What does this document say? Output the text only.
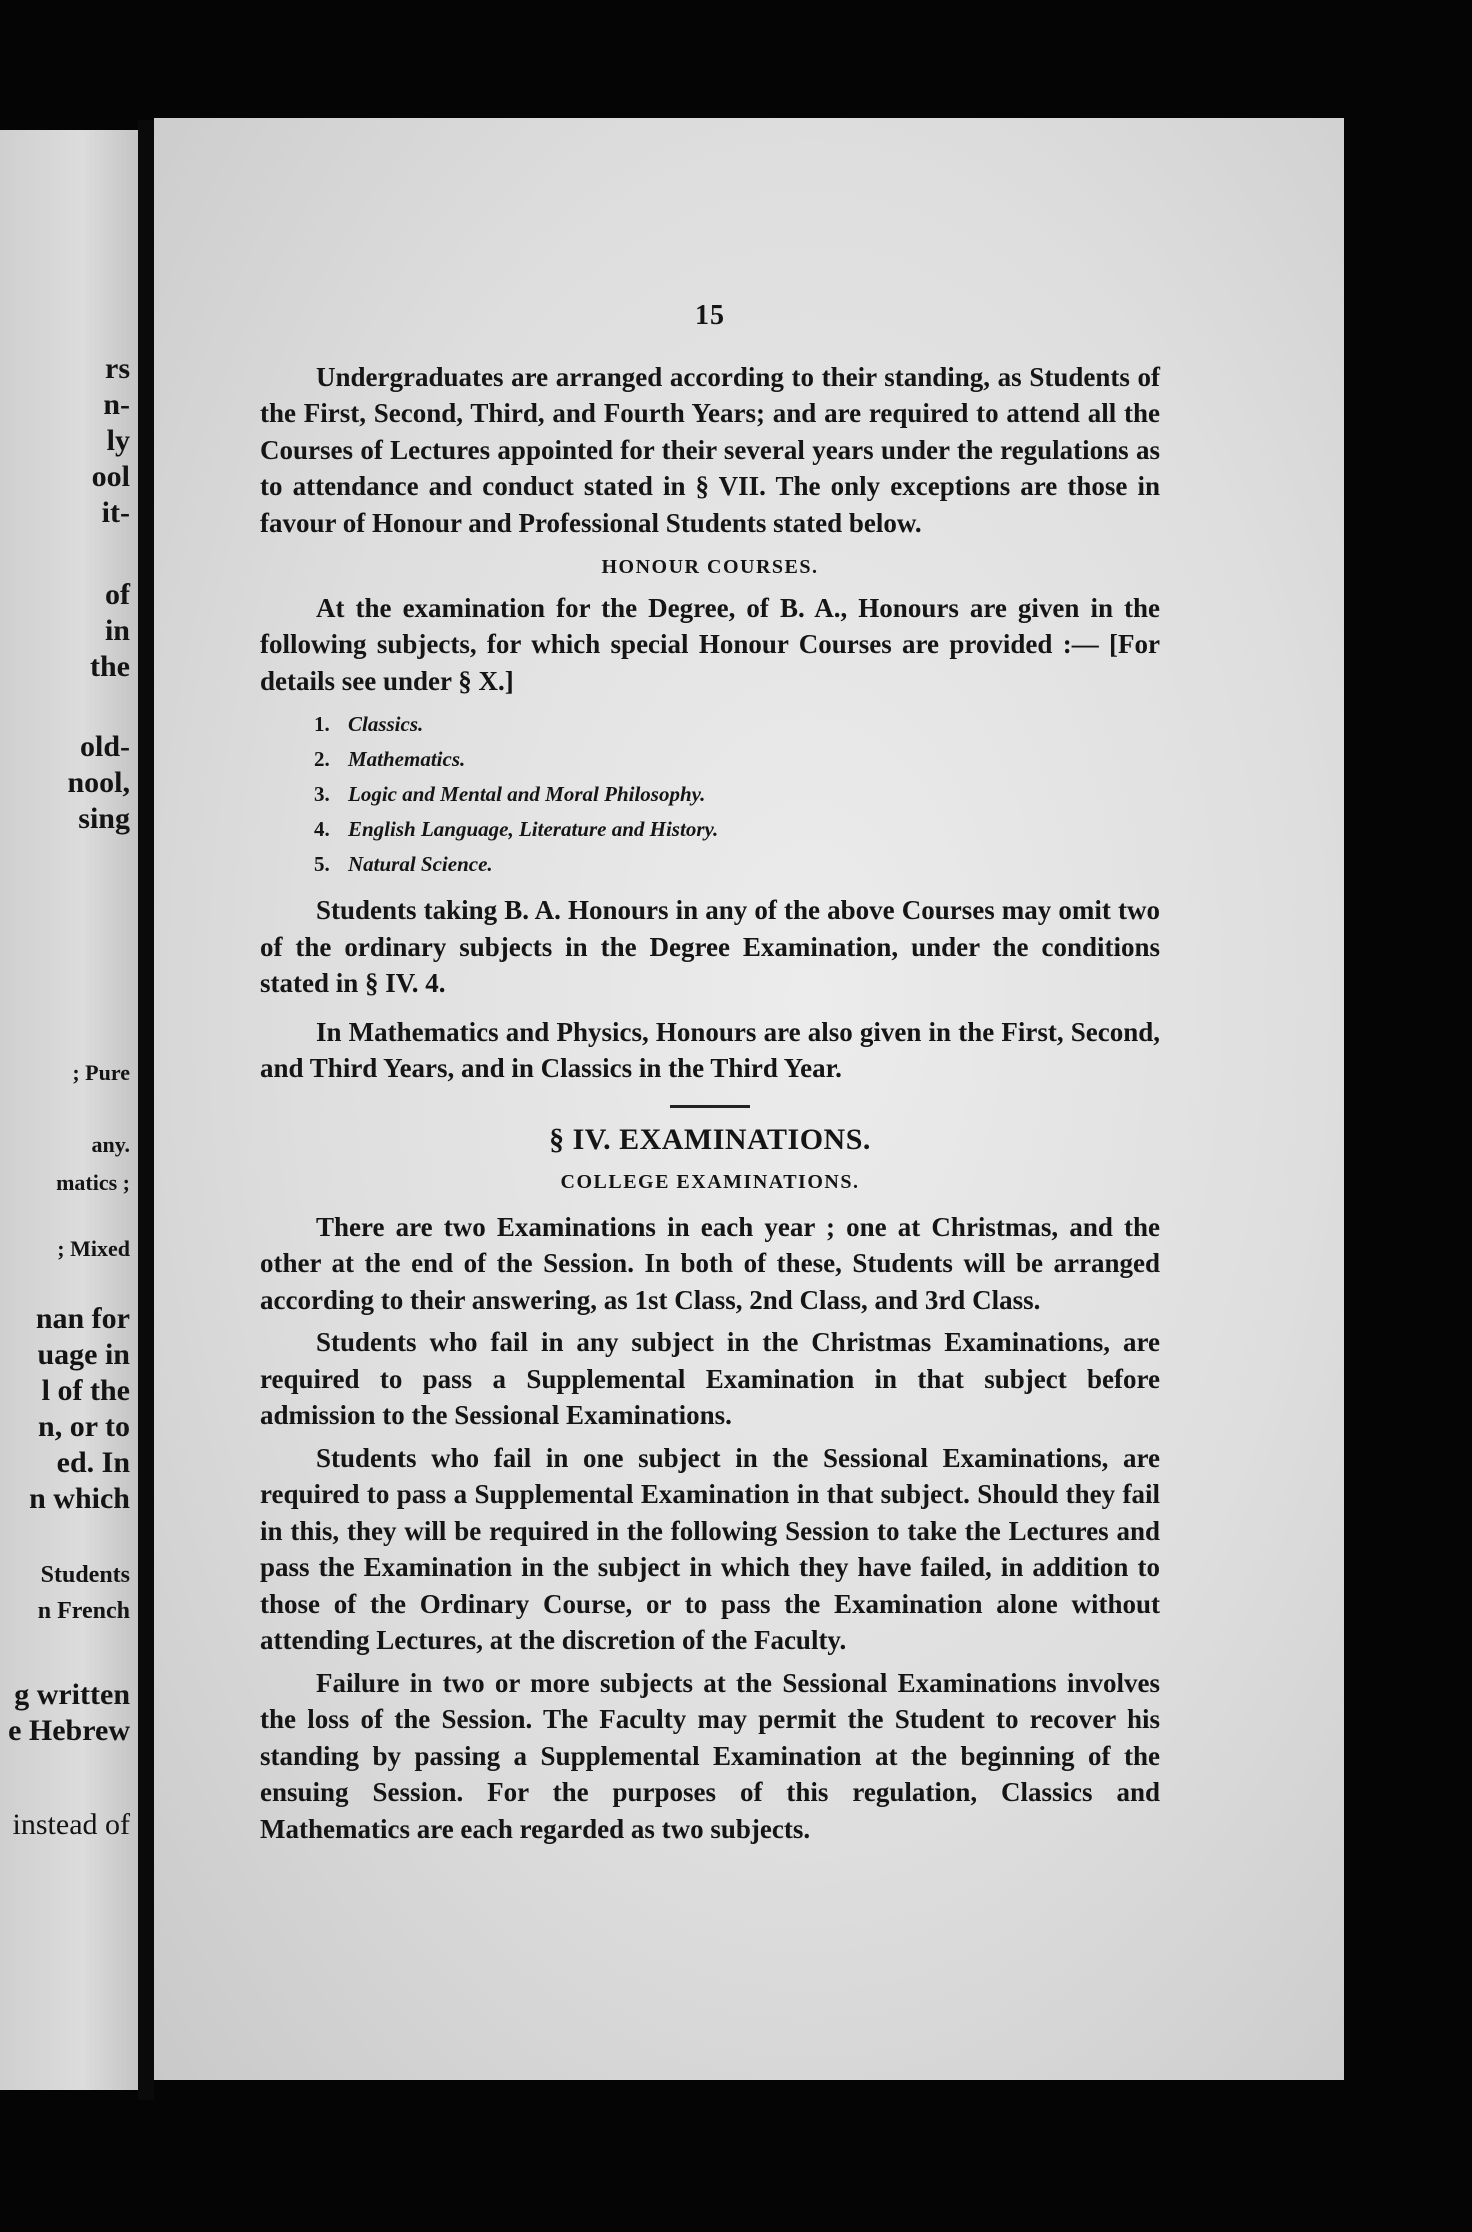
rs
n-
ly
ool
it-
of
in
the
old-
nool,
sing
; Pure
any.
matics ;
; Mixed
nan for
uage in
l of the
n, or to
ed. In
n which
Students
n French
g written
e Hebrew
instead of
15

Undergraduates are arranged according to their standing, as Students of the First, Second, Third, and Fourth Years; and are required to attend all the Courses of Lectures appointed for their several years under the regulations as to attendance and conduct stated in § VII. The only exceptions are those in favour of Honour and Professional Students stated below.

HONOUR COURSES.

At the examination for the Degree, of B. A., Honours are given in the following subjects, for which special Honour Courses are provided :— [For details see under § X.]

1. Classics.
2. Mathematics.
3. Logic and Mental and Moral Philosophy.
4. English Language, Literature and History.
5. Natural Science.

Students taking B. A. Honours in any of the above Courses may omit two of the ordinary subjects in the Degree Examination, under the conditions stated in § IV. 4.

In Mathematics and Physics, Honours are also given in the First, Second, and Third Years, and in Classics in the Third Year.

§ IV. EXAMINATIONS.
COLLEGE EXAMINATIONS.

There are two Examinations in each year ; one at Christmas, and the other at the end of the Session. In both of these, Students will be arranged according to their answering, as 1st Class, 2nd Class, and 3rd Class.

Students who fail in any subject in the Christmas Examinations, are required to pass a Supplemental Examination in that subject before admission to the Sessional Examinations.

Students who fail in one subject in the Sessional Examinations, are required to pass a Supplemental Examination in that subject. Should they fail in this, they will be required in the following Session to take the Lectures and pass the Examination in the subject in which they have failed, in addition to those of the Ordinary Course, or to pass the Examination alone without attending Lectures, at the discretion of the Faculty.

Failure in two or more subjects at the Sessional Examinations involves the loss of the Session. The Faculty may permit the Student to recover his standing by passing a Supplemental Examination at the beginning of the ensuing Session. For the purposes of this regulation, Classics and Mathematics are each regarded as two subjects.
